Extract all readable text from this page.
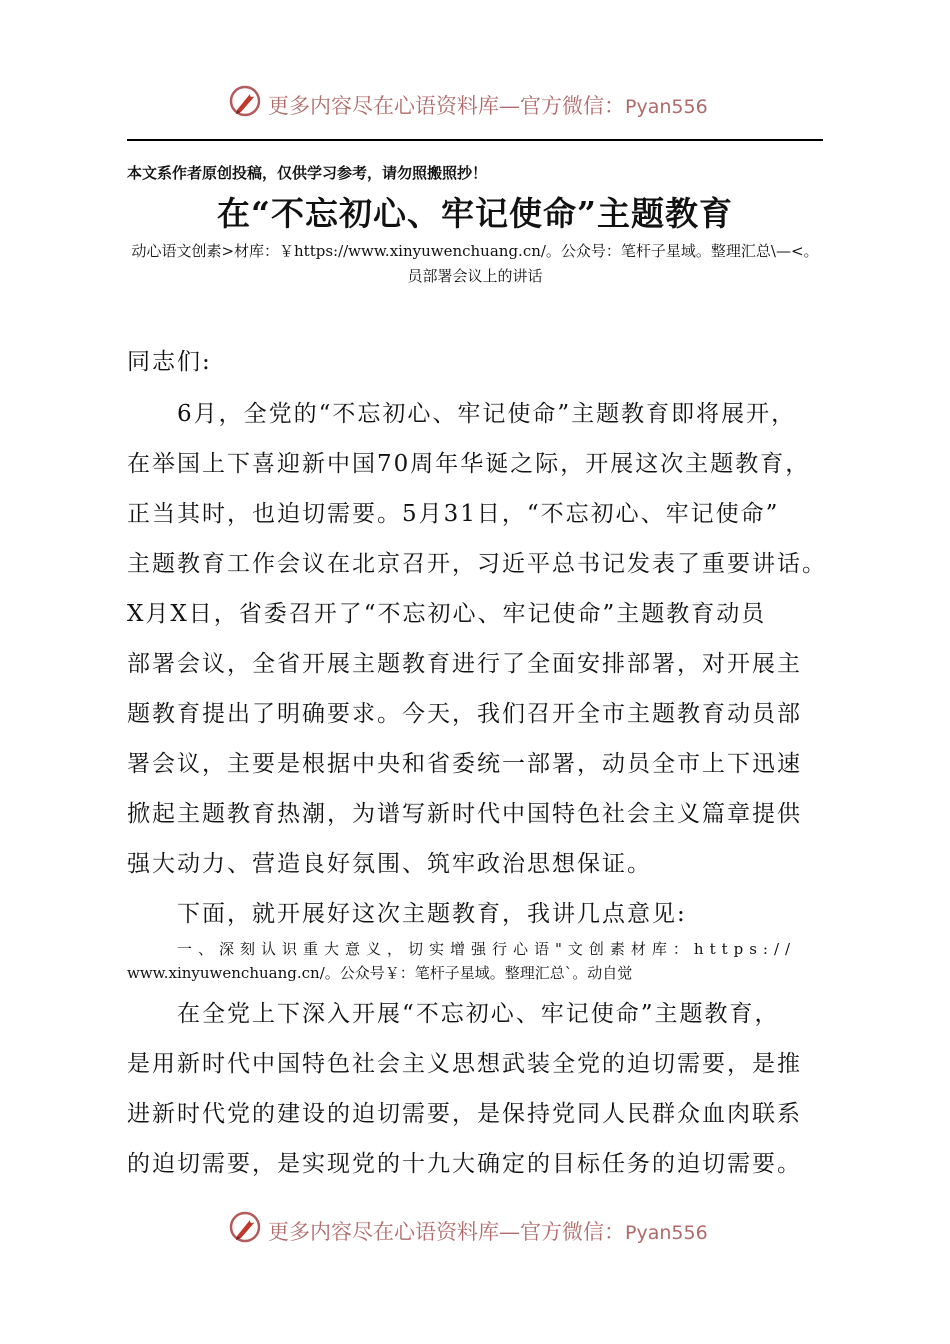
更多内容尽在心语资料库—官方微信：Pyan556
本文系作者原创投稿，仅供学习参考，请勿照搬照抄！
在“不忘初心、牢记使命”主题教育
动心语文创素>材库：￥https://www.xinyuwenchuang.cn/。公众号：笔杆子星域。整理汇总\—<。
员部署会议上的讲话
同志们:
6月，全党的“不忘初心、牢记使命”主题教育即将展开，
在举国上下喜迎新中国70周年华诞之际，开展这次主题教育，
正当其时，也迫切需要。5月31日，“不忘初心、牢记使命”
主题教育工作会议在北京召开，习近平总书记发表了重要讲话。
X月X日，省委召开了“不忘初心、牢记使命”主题教育动员
部署会议，全省开展主题教育进行了全面安排部署，对开展主
题教育提出了明确要求。今天，我们召开全市主题教育动员部
署会议，主要是根据中央和省委统一部署，动员全市上下迅速
掀起主题教育热潮，为谱写新时代中国特色社会主义篇章提供
强大动力、营造良好氛围、筑牢政治思想保证。
下面，就开展好这次主题教育，我讲几点意见:
一、深刻认识重大意义，切实增强行心语"文创素材库：https://
www.xinyuwenchuang.cn/。公众号￥：笔杆子星域。整理汇总`。动自觉
在全党上下深入开展“不忘初心、牢记使命”主题教育，
是用新时代中国特色社会主义思想武装全党的迫切需要，是推
进新时代党的建设的迫切需要，是保持党同人民群众血肉联系
的迫切需要，是实现党的十九大确定的目标任务的迫切需要。
更多内容尽在心语资料库—官方微信：Pyan556
